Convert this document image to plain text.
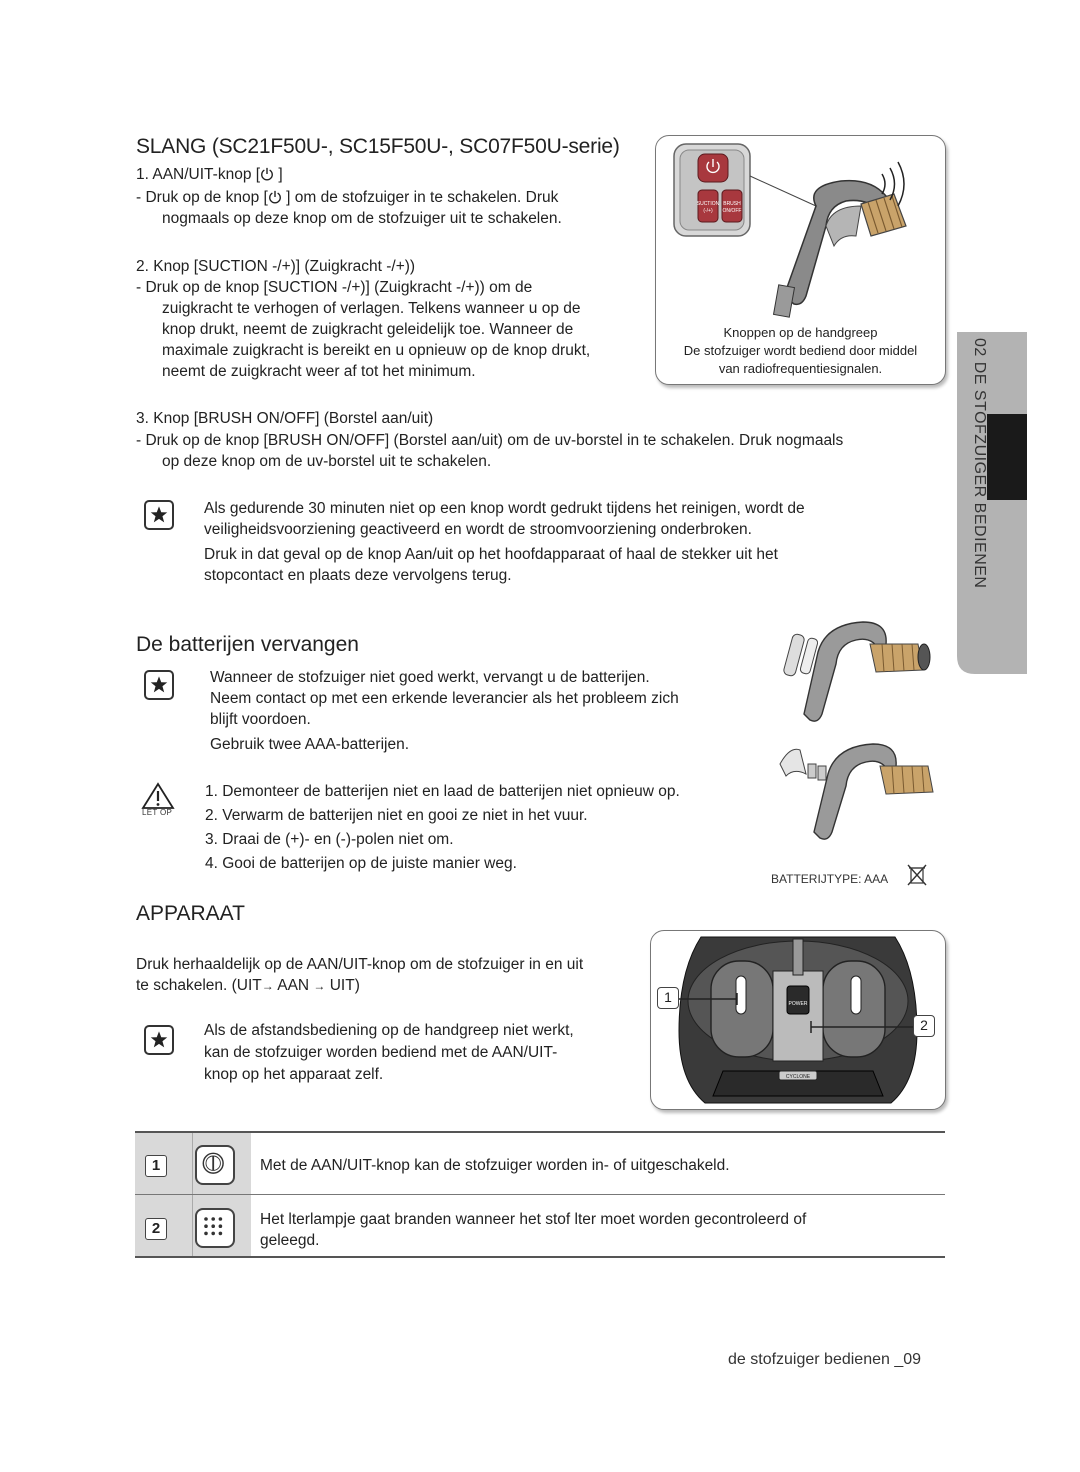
SLANG (SC21F50U-, SC15F50U-, SC07F50U-serie)
1. AAN/UIT-knop [ ]
- Druk op de knop [ ] om de stofzuiger in te schakelen. Druk
nogmaals op deze knop om de stofzuiger uit te schakelen.
2. Knop [SUCTION -/+)] (Zuigkracht -/+))
- Druk op de knop [SUCTION -/+)] (Zuigkracht -/+)) om de
zuigkracht te verhogen of verlagen. Telkens wanneer u op de
knop drukt, neemt de zuigkracht geleidelijk toe. Wanneer de
maximale zuigkracht is bereikt en u opnieuw op de knop drukt,
neemt de zuigkracht weer af tot het minimum.
3. Knop [BRUSH ON/OFF] (Borstel aan/uit)
- Druk op de knop [BRUSH ON/OFF] (Borstel aan/uit) om de uv-borstel in te schakelen. Druk nogmaals
op deze knop om de uv-borstel uit te schakelen.
Als gedurende 30 minuten niet op een knop wordt gedrukt tijdens het reinigen, wordt de
veiligheidsvoorziening geactiveerd en wordt de stroomvoorziening onderbroken.
Druk in dat geval op de knop Aan/uit op het hoofdapparaat of haal de stekker uit het
stopcontact en plaats deze vervolgens terug.
SUCTION
(-/+)
BRUSH
ON/OFF
Knoppen op de handgreep
De stofzuiger wordt bediend door middel
van radiofrequentiesignalen.	02 DE STOFZUIGER BEDIENEN
De batterijen vervangen
Wanneer de stofzuiger niet goed werkt, vervangt u de batterijen.
Neem contact op met een erkende leverancier als het probleem zich
blijft voordoen.
Gebruik twee AAA-batterijen.
LET OP
1. Demonteer de batterijen niet en laad de batterijen niet opnieuw op.
2. Verwarm de batterijen niet en gooi ze niet in het vuur.
3. Draai de (+)- en (-)-polen niet om.
4. Gooi de batterijen op de juiste manier weg.
BATTERIJTYPE: AAA
APPARAAT
Druk herhaaldelijk op de AAN/UIT-knop om de stofzuiger in en uit
te schakelen. (UIT→ AAN → UIT)
Als de afstandsbediening op de handgreep niet werkt,
kan de stofzuiger worden bediend met de AAN/UIT-
knop op het apparaat zelf.
POWER
CYCLONE
1
2
1	Met de AAN/UIT-knop kan de stofzuiger worden in- of uitgeschakeld.
2
Het lterlampje gaat branden wanneer het stof lter moet worden gecontroleerd of
geleegd.
de stofzuiger bedienen _09
